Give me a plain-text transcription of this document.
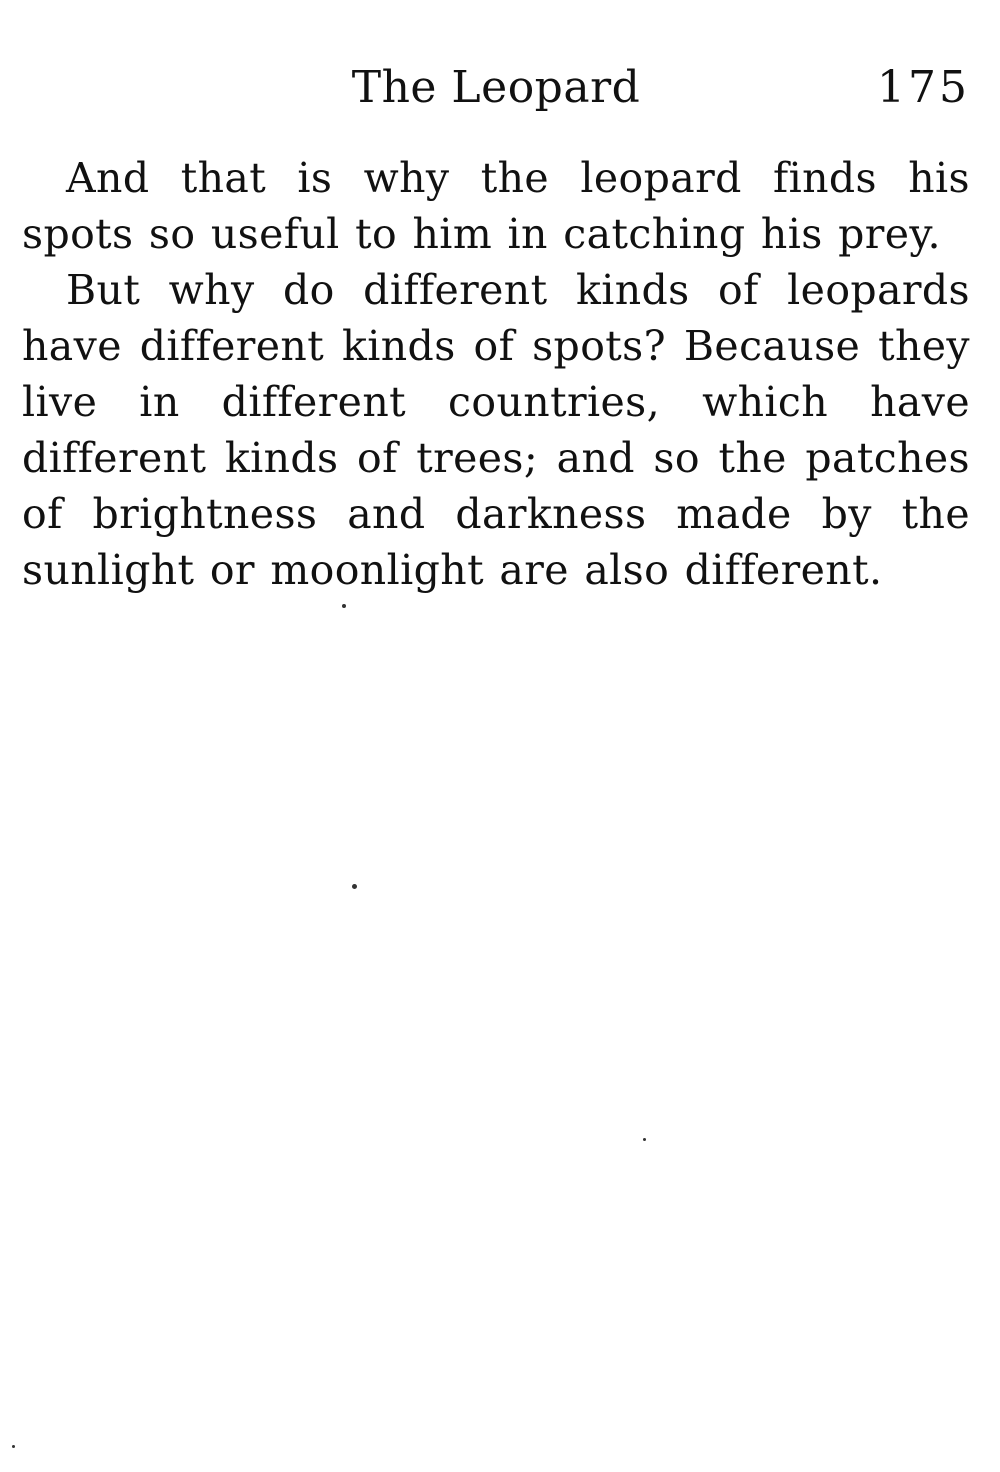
The Leopard	175

And that is why the leopard finds his spots so useful to him in catching his prey.

But why do different kinds of leopards have different kinds of spots? Because they live in different countries, which have different kinds of trees; and so the patches of brightness and darkness made by the sunlight or moonlight are also different.
